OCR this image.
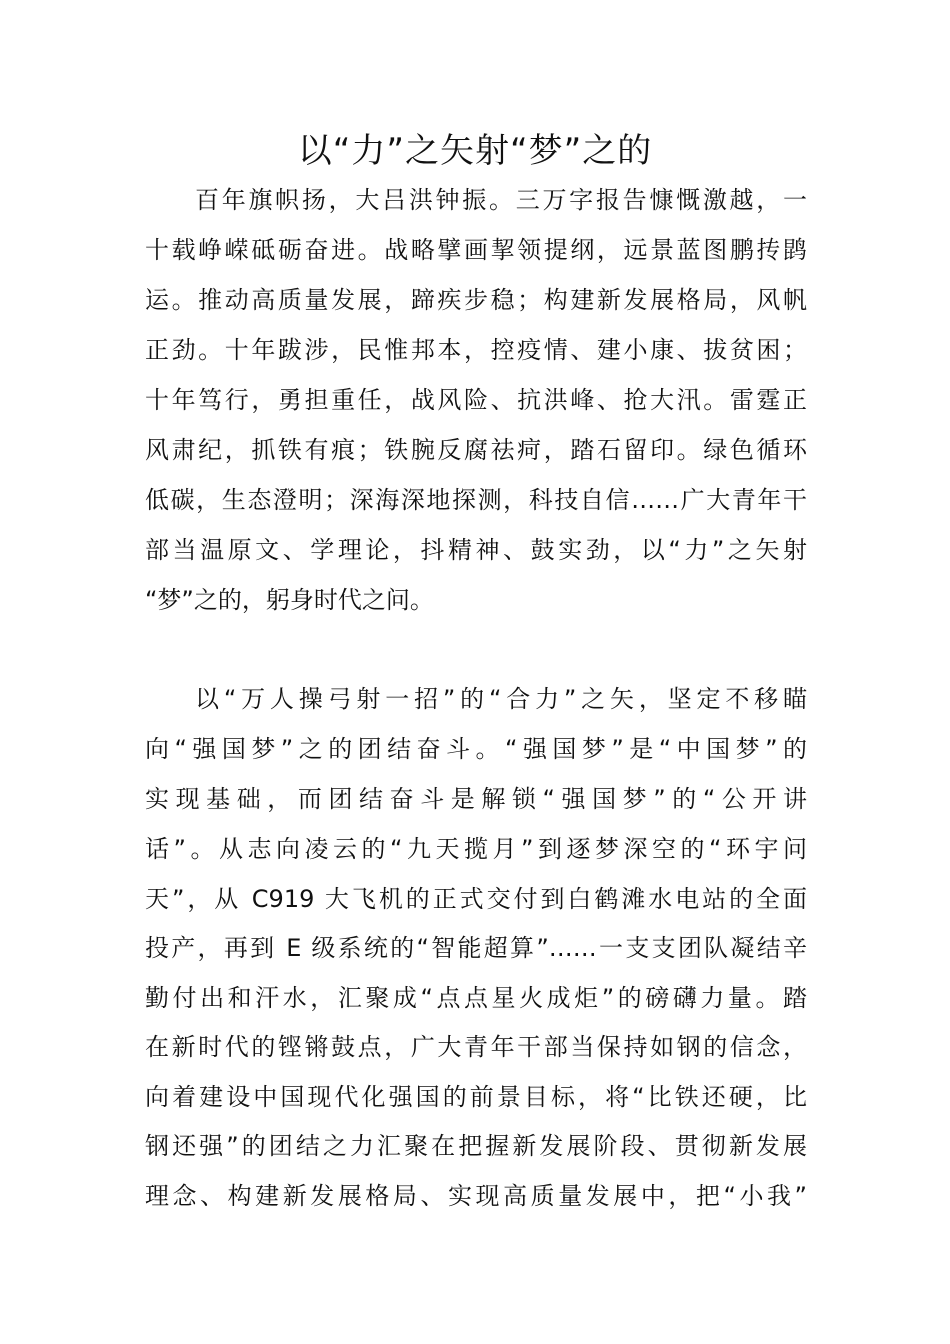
以“力”之矢射“梦”之的
百年旗帜扬，大吕洪钟振。三万字报告慷慨激越，一
十载峥嵘砥砺奋进。战略擘画挈领提纲，远景蓝图鹏抟鹍
运。推动高质量发展，蹄疾步稳；构建新发展格局，风帆
正劲。十年跋涉，民惟邦本，控疫情、建小康、拔贫困；
十年笃行，勇担重任，战风险、抗洪峰、抢大汛。雷霆正
风肃纪，抓铁有痕；铁腕反腐祛疴，踏石留印。绿色循环
低碳，生态澄明；深海深地探测，科技自信……广大青年干
部当温原文、学理论，抖精神、鼓实劲，以“力”之矢射
“梦”之的，躬身时代之问。
以“万人操弓射一招”的“合力”之矢，坚定不移瞄
向“强国梦”之的团结奋斗。“强国梦”是“中国梦”的
实现基础，而团结奋斗是解锁“强国梦”的“公开讲
话”。从志向凌云的“九天揽月”到逐梦深空的“环宇问
天”，从 C919 大飞机的正式交付到白鹤滩水电站的全面
投产，再到 E 级系统的“智能超算”……一支支团队凝结辛
勤付出和汗水，汇聚成“点点星火成炬”的磅礴力量。踏
在新时代的铿锵鼓点，广大青年干部当保持如钢的信念，
向着建设中国现代化强国的前景目标，将“比铁还硬，比
钢还强”的团结之力汇聚在把握新发展阶段、贯彻新发展
理念、构建新发展格局、实现高质量发展中，把“小我”
